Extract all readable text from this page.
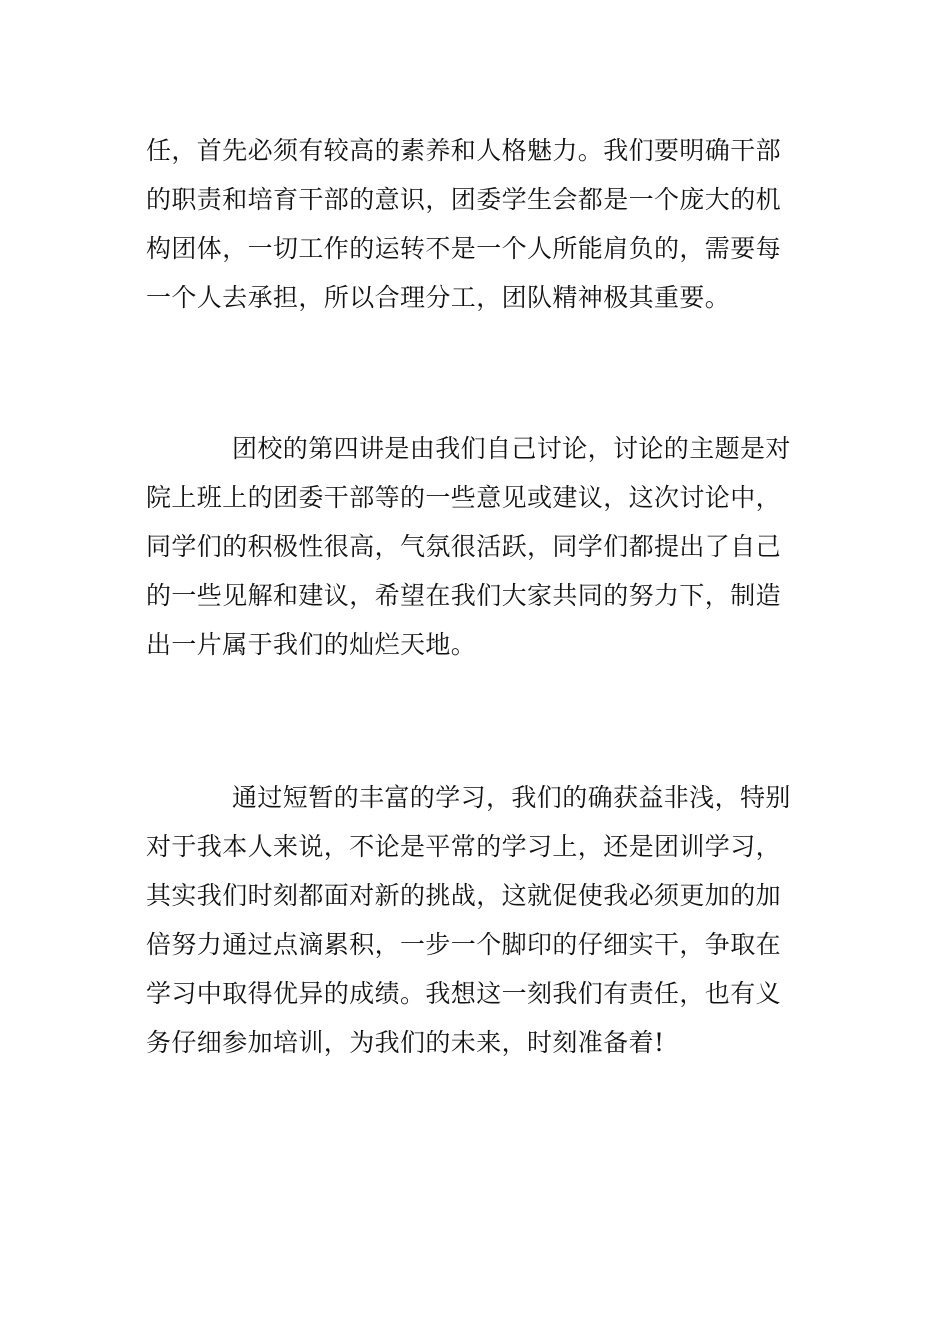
任，首先必须有较高的素养和人格魅力。我们要明确干部
的职责和培育干部的意识，团委学生会都是一个庞大的机
构团体，一切工作的运转不是一个人所能肩负的，需要每
一个人去承担，所以合理分工，团队精神极其重要。
团校的第四讲是由我们自己讨论，讨论的主题是对
院上班上的团委干部等的一些意见或建议，这次讨论中，
同学们的积极性很高，气氛很活跃，同学们都提出了自己
的一些见解和建议，希望在我们大家共同的努力下，制造
出一片属于我们的灿烂天地。
通过短暂的丰富的学习，我们的确获益非浅，特别
对于我本人来说，不论是平常的学习上，还是团训学习，
其实我们时刻都面对新的挑战，这就促使我必须更加的加
倍努力通过点滴累积，一步一个脚印的仔细实干，争取在
学习中取得优异的成绩。我想这一刻我们有责任，也有义
务仔细参加培训，为我们的未来，时刻准备着!
